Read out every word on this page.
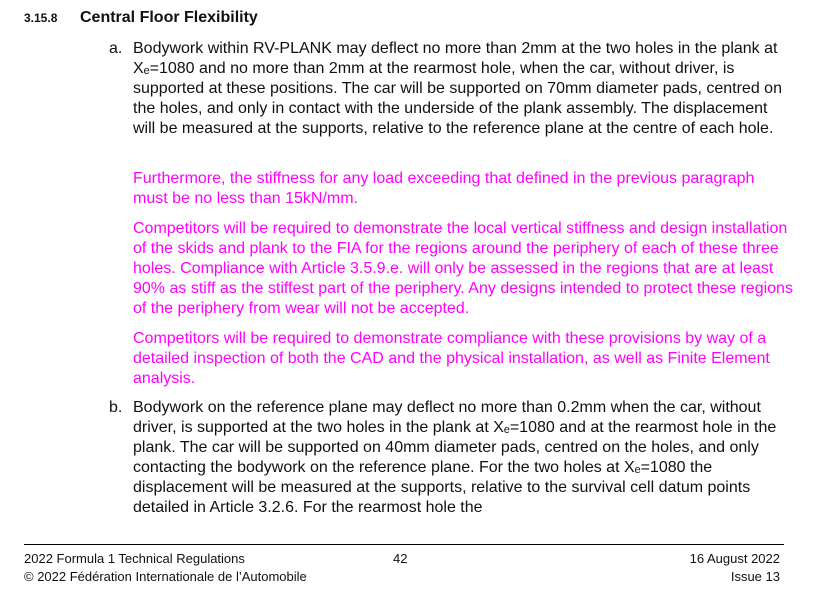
3.15.8	Central Floor Flexibility
a. Bodywork within RV-PLANK may deflect no more than 2mm at the two holes in the plank at Xₑ=1080 and no more than 2mm at the rearmost hole, when the car, without driver, is supported at these positions. The car will be supported on 70mm diameter pads, centred on the holes, and only in contact with the underside of the plank assembly. The displacement will be measured at the supports, relative to the reference plane at the centre of each hole.

Furthermore, the stiffness for any load exceeding that defined in the previous paragraph must be no less than 15kN/mm.

Competitors will be required to demonstrate the local vertical stiffness and design installation of the skids and plank to the FIA for the regions around the periphery of each of these three holes. Compliance with Article 3.5.9.e. will only be assessed in the regions that are at least 90% as stiff as the stiffest part of the periphery. Any designs intended to protect these regions of the periphery from wear will not be accepted.

Competitors will be required to demonstrate compliance with these provisions by way of a detailed inspection of both the CAD and the physical installation, as well as Finite Element analysis.

b. Bodywork on the reference plane may deflect no more than 0.2mm when the car, without driver, is supported at the two holes in the plank at Xₑ=1080 and at the rearmost hole in the plank. The car will be supported on 40mm diameter pads, centred on the holes, and only contacting the bodywork on the reference plane. For the two holes at Xₑ=1080 the displacement will be measured at the supports, relative to the survival cell datum points detailed in Article 3.2.6. For the rearmost hole the

2022 Formula 1 Technical Regulations
© 2022 Fédération Internationale de l’Automobile
42	16 August 2022
Issue 13
